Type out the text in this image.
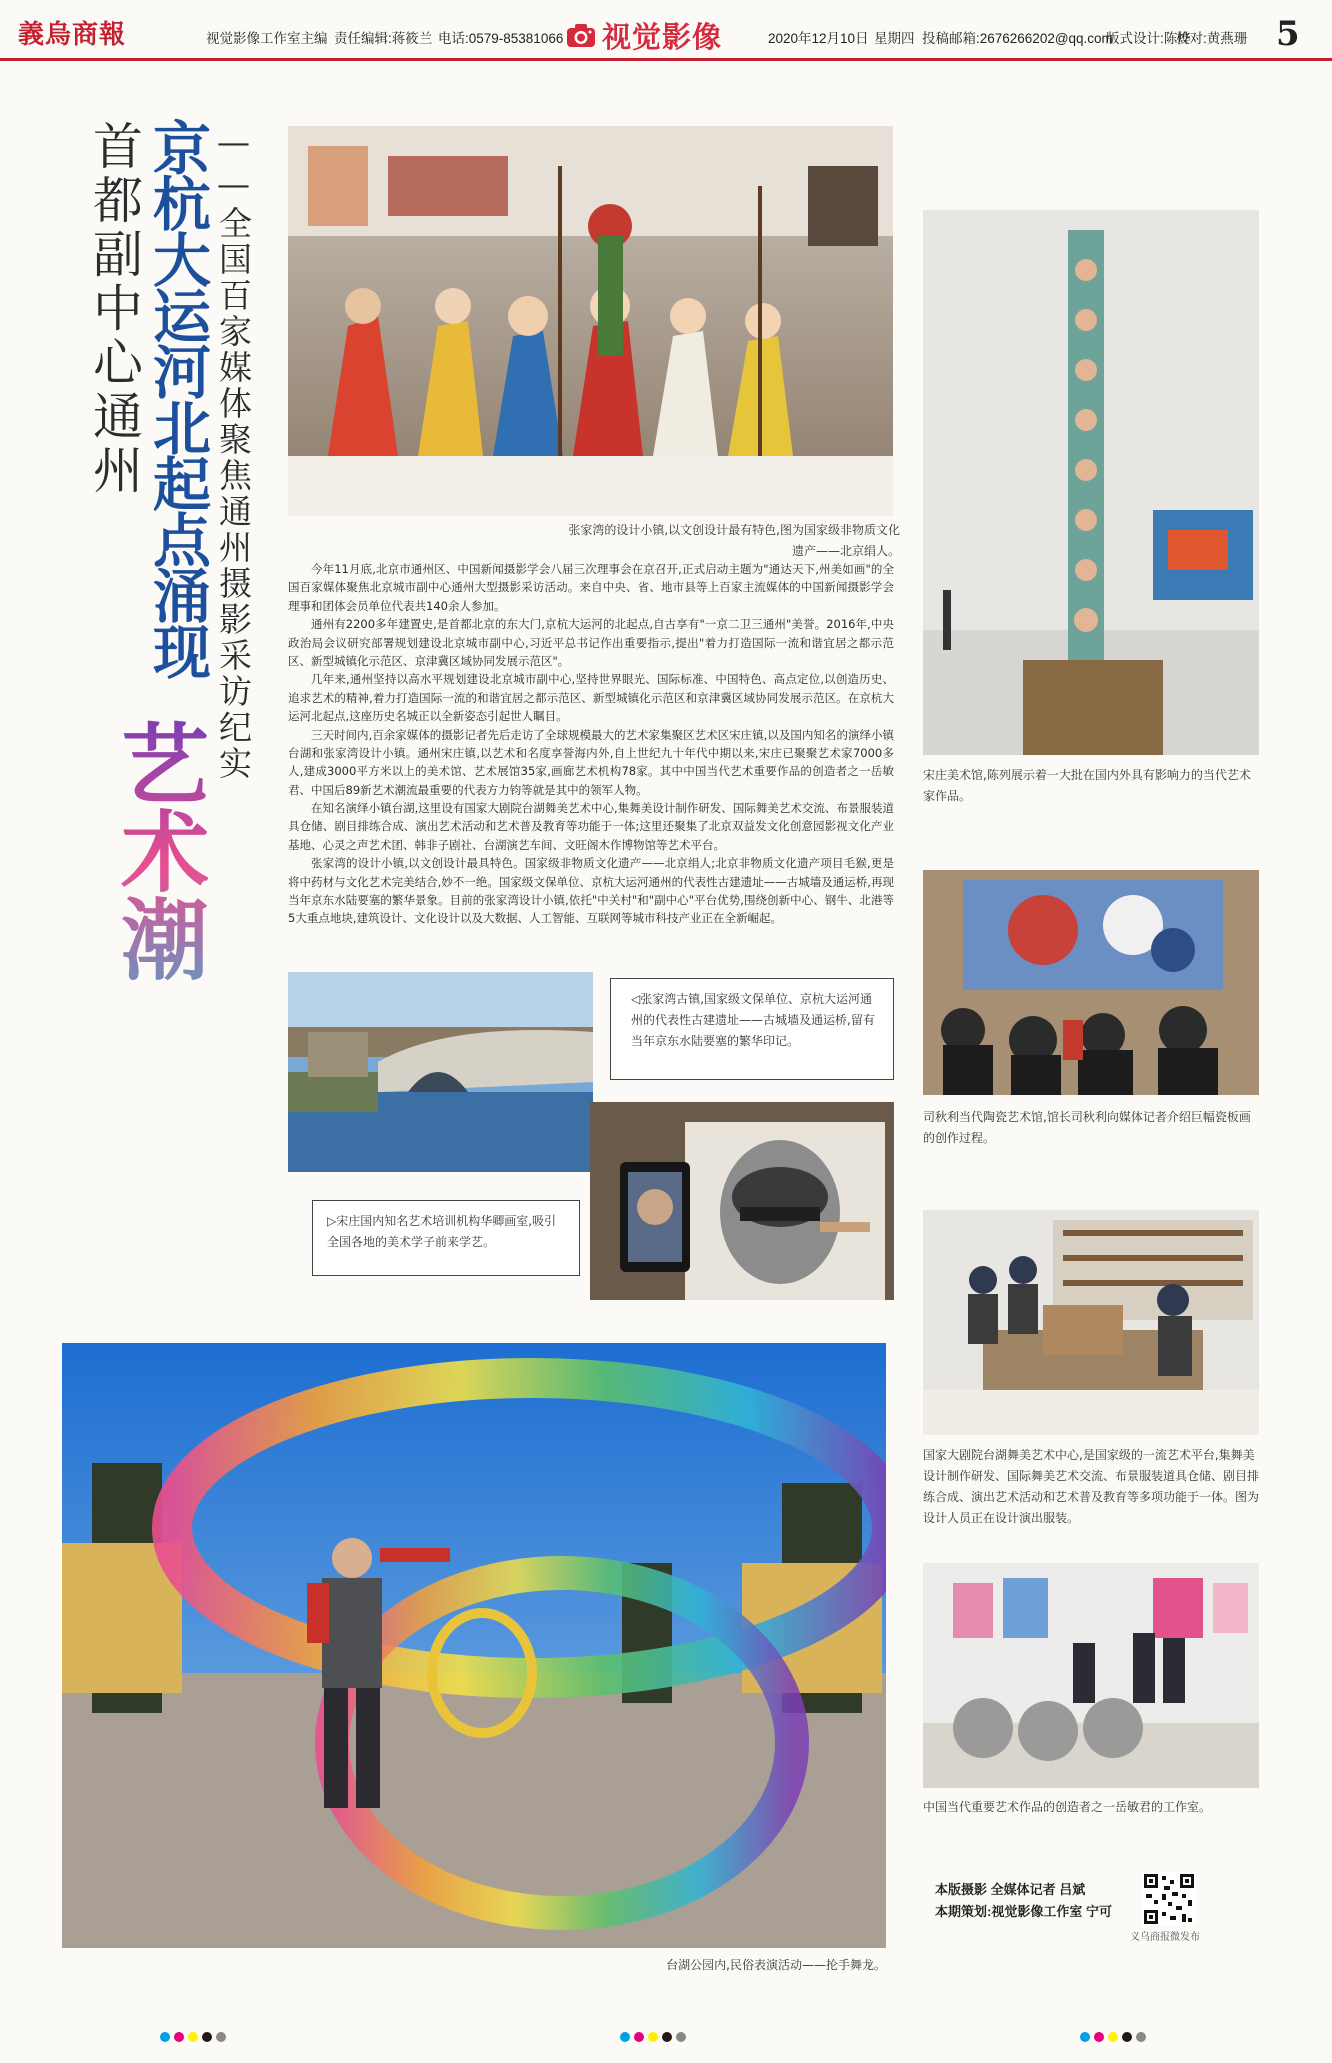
義烏商報	视觉影像工作室主编 责任编辑:蒋筱兰 电话:0579-85381066 视觉影像	2020年12月10日 星期四 投稿邮箱:2676266202@qq.com
版式设计:陈烨
校对:黄燕珊 5
首都副中心通州 京杭大运河北起点涌现 ——全国百家媒体聚焦通州摄影采访纪实
艺术潮
张家湾的设计小镇,以文创设计最有特色,图为国家级非物质文化遗产——北京绢人。

今年11月底,北京市通州区、中国新闻摄影学会八届三次理事会在京召开,正式启动主题为"通达天下,州美如画"的全国百家媒体聚焦北京城市副中心通州大型摄影采访活动。来自中央、省、地市县等上百家主流媒体的中国新闻摄影学会理事和团体会员单位代表共140余人参加。

通州有2200多年建置史,是首都北京的东大门,京杭大运河的北起点,自古享有"一京二卫三通州"美誉。2016年,中央政治局会议研究部署规划建设北京城市副中心,习近平总书记作出重要指示,提出"着力打造国际一流和谐宜居之都示范区、新型城镇化示范区、京津冀区域协同发展示范区"。

几年来,通州坚持以高水平规划建设北京城市副中心,坚持世界眼光、国际标准、中国特色、高点定位,以创造历史、追求艺术的精神,着力打造国际一流的和谐宜居之都示范区、新型城镇化示范区和京津冀区域协同发展示范区。在京杭大运河北起点,这座历史名城正以全新姿态引起世人瞩目。

三天时间内,百余家媒体的摄影记者先后走访了全球规模最大的艺术家集聚区艺术区宋庄镇,以及国内知名的演绎小镇台湖和张家湾设计小镇。通州宋庄镇,以艺术和名度享誉海内外,自上世纪九十年代中期以来,宋庄已聚聚艺术家7000多人,建成3000平方米以上的美术馆、艺术展馆35家,画廊艺术机构78家。其中中国当代艺术重要作品的创造者之一岳敏君、中国后89新艺术潮流最重要的代表方力钧等就是其中的领军人物。

在知名演绎小镇台湖,这里设有国家大剧院台湖舞美艺术中心,集舞美设计制作研发、国际舞美艺术交流、布景服装道具仓储、剧目排练合成、演出艺术活动和艺术普及教育等功能于一体;这里还聚集了北京双益发文化创意园影视文化产业基地、心灵之声艺术团、韩非子剧社、台湖演艺车间、文旺阁木作博物馆等艺术平台。

张家湾的设计小镇,以文创设计最具特色。国家级非物质文化遗产——北京绢人;北京非物质文化遗产项目毛猴,更是将中药材与文化艺术完美结合,妙不一绝。国家级文保单位、京杭大运河通州的代表性古建遗址——古城墙及通运桥,再现当年京东水陆要塞的繁华景象。目前的张家湾设计小镇,依托"中关村"和"副中心"平台优势,围绕创新中心、钢牛、北港等5大重点地块,建筑设计、文化设计以及大数据、人工智能、互联网等城市科技产业正在全新崛起。

宋庄美术馆,陈列展示着一大批在国内外具有影响力的当代艺术家作品。
司秋利当代陶瓷艺术馆,馆长司秋利向媒体记者介绍巨幅瓷板画的创作过程。
◁张家湾古镇,国家级文保单位、京杭大运河通州的代表性古建遗址——古城墙及通运桥,留有当年京东水陆要塞的繁华印记。
▷宋庄国内知名艺术培训机构华卿画室,吸引全国各地的美术学子前来学艺。
国家大剧院台湖舞美艺术中心,是国家级的一流艺术平台,集舞美设计制作研发、国际舞美艺术交流、布景服装道具仓储、剧目排练合成、演出艺术活动和艺术普及教育等多项功能于一体。图为设计人员正在设计演出服装。
中国当代重要艺术作品的创造者之一岳敏君的工作室。
台湖公园内,民俗表演活动——抡手舞龙。
本版摄影 全媒体记者 吕斌
本期策划:视觉影像工作室 宁可
义乌商报微发布
